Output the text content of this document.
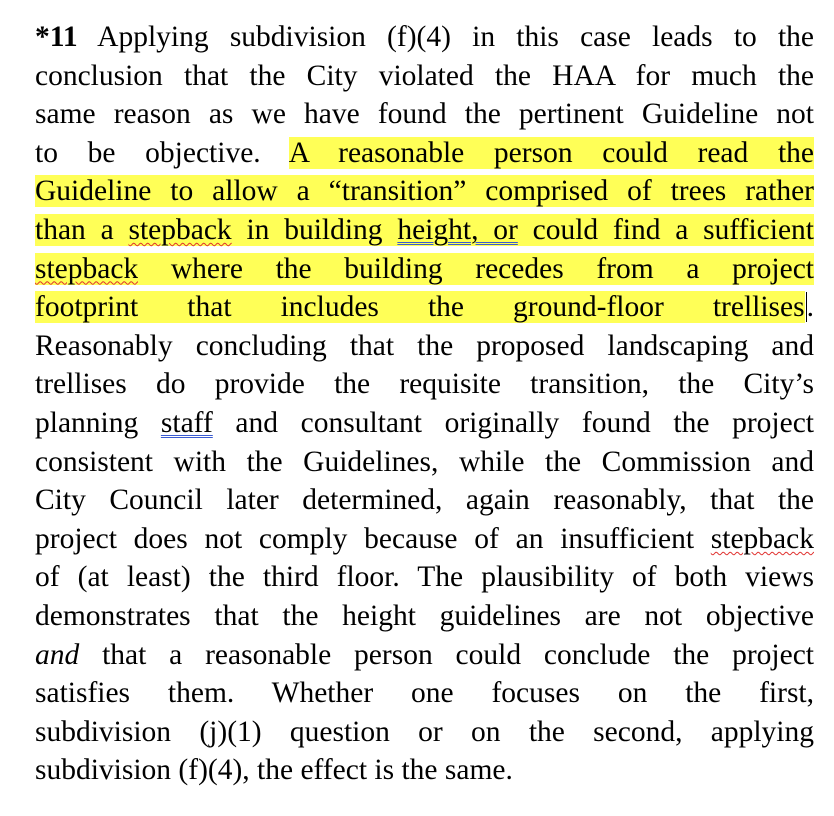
*11 Applying subdivision (f)(4) in this case leads to the
conclusion that the City violated the HAA for much the
same reason as we have found the pertinent Guideline not
to be objective. A reasonable person could read the
Guideline to allow a “transition” comprised of trees rather
than a stepback in building height, or could find a sufficient
stepback where the building recedes from a project
footprint that includes the ground-floor trellises.
Reasonably concluding that the proposed landscaping and
trellises do provide the requisite transition, the City’s
planning staff and consultant originally found the project
consistent with the Guidelines, while the Commission and
City Council later determined, again reasonably, that the
project does not comply because of an insufficient stepback
of (at least) the third floor. The plausibility of both views
demonstrates that the height guidelines are not objective
and that a reasonable person could conclude the project
satisfies them. Whether one focuses on the first,
subdivision (j)(1) question or on the second, applying
subdivision (f)(4), the effect is the same.
